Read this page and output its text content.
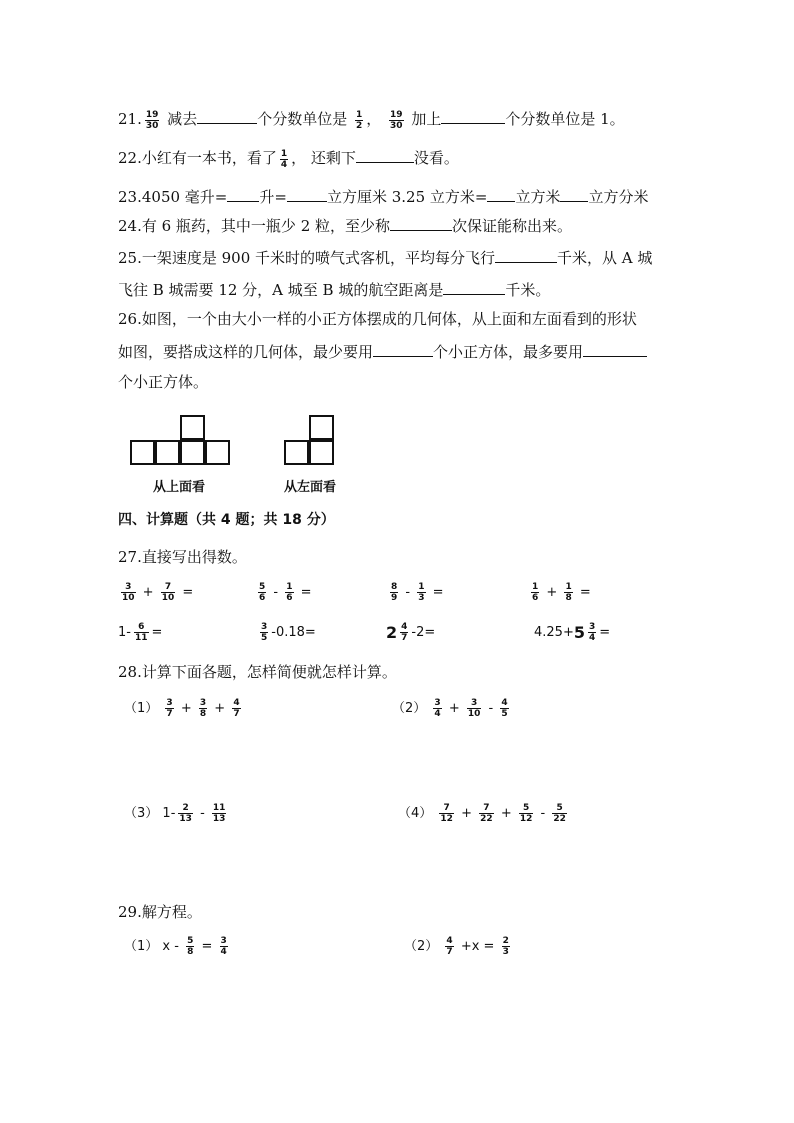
21. $\frac{19}{30}$ 减去	个分数单位是 $\frac{1}{2}$ ， $\frac{19}{30}$ 加上	个分数单位是 1。
22.小红有一本书，看了 $\frac{1}{4}$ ， 还剩下	没看。
23.4050 毫升= 升=	立方厘米 3.25 立方米= 立方米 立方分米
24.有 6 瓶药，其中一瓶少 2 粒，至少称	次保证能称出来。
25.一架速度是 900 千米时的喷气式客机，平均每分飞行	千米，从 A 城
飞往 B 城需要 12 分，A 城至 B 城的航空距离是	千米。
26.如图，一个由大小一样的小正方体摆成的几何体，从上面和左面看到的形状
如图，要搭成这样的几何体，最少要用	个小正方体，最多要用
个小正方体。
从上面看	从左面看
四、计算题（共 4 题；共 18 分）
27.直接写出得数。
$\frac{3}{10} + \frac{7}{10}$ =	$\frac{5}{6} - \frac{1}{6}$ =	$\frac{8}{9} - \frac{1}{3}$ =	$\frac{1}{6} + \frac{1}{8}$ =
$1- \frac{6}{11}$ =	$\frac{3}{5} -0.18=$	$2 \frac{4}{7} -2=$	$4.25+5 \frac{3}{4}$ =
28.计算下面各题，怎样简便就怎样计算。
$(1) \frac{3}{7} + \frac{3}{8} + \frac{4}{7}$	$(2) \frac{3}{4} + \frac{3}{10} - \frac{4}{5}$
（3） $1- \frac{2}{13} - \frac{11}{13}$	$(4) \frac{7}{12} + \frac{7}{22} + \frac{5}{12} - \frac{5}{22}$
29.解方程。
（1） $x - \frac{5}{8} = \frac{3}{4}$	$(2) \frac{4}{7} +x = \frac{2}{3}$
